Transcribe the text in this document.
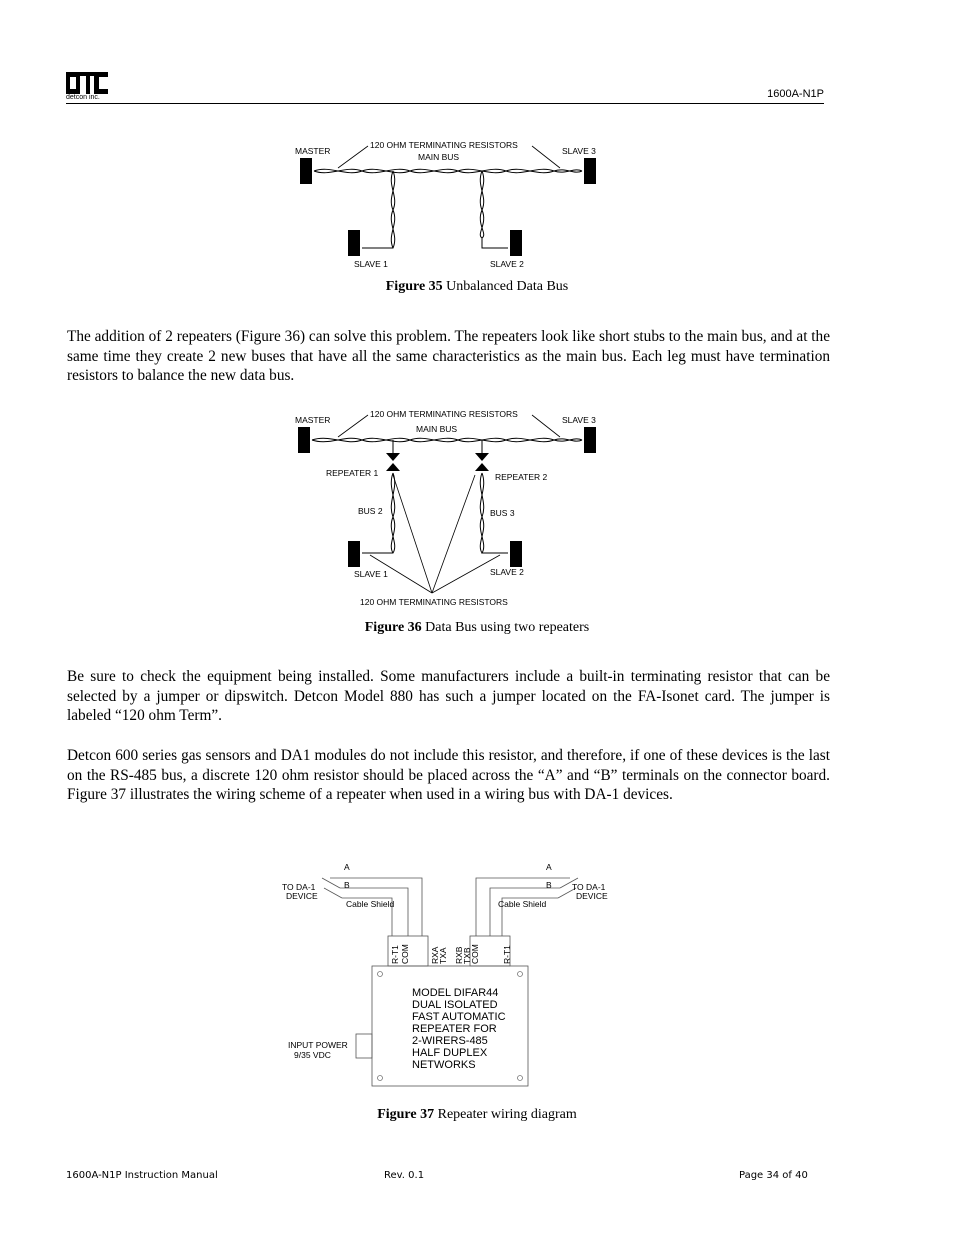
detcon inc.	1600A-N1P
MASTER	SLAVE 3
120 OHM TERMINATING RESISTORS
MAIN BUS
SLAVE 1	SLAVE 2
Figure 35 Unbalanced Data Bus

The addition of 2 repeaters (Figure 36) can solve this problem. The repeaters look like short stubs to the main bus, and at the same time they create 2 new buses that have all the same characteristics as the main bus. Each leg must have termination resistors to balance the new data bus.

MASTER	SLAVE 3
120 OHM TERMINATING RESISTORS
MAIN BUS
REPEATER 1	REPEATER 2
BUS 2	BUS 3
SLAVE 1	SLAVE 2
120 OHM TERMINATING RESISTORS
Figure 36 Data Bus using two repeaters

Be sure to check the equipment being installed. Some manufacturers include a built-in terminating resistor that can be selected by a jumper or dipswitch. Detcon Model 880 has such a jumper located on the FA-Isonet card. The jumper is labeled “120 ohm Term”.

Detcon 600 series gas sensors and DA1 modules do not include this resistor, and therefore, if one of these devices is the last on the RS-485 bus, a discrete 120 ohm resistor should be placed across the “A” and “B” terminals on the connector board. Figure 37 illustrates the wiring scheme of a repeater when used in a wiring bus with DA-1 devices.

A
B
TO DA-1
DEVICE
Cable Shield
A
B TO DA-1
DEVICE
Cable Shield
R-T1 COM RXA
TXA RXB
TXB
COM	R-T1
MODEL DIFAR44
DUAL ISOLATED
FAST AUTOMATIC
REPEATER FOR
2-WIRERS-485
HALF DUPLEX
NETWORKS
INPUT POWER
9/35 VDC
Figure 37 Repeater wiring diagram
1600A-N1P Instruction Manual	Rev. 0.1	Page 34 of 40
